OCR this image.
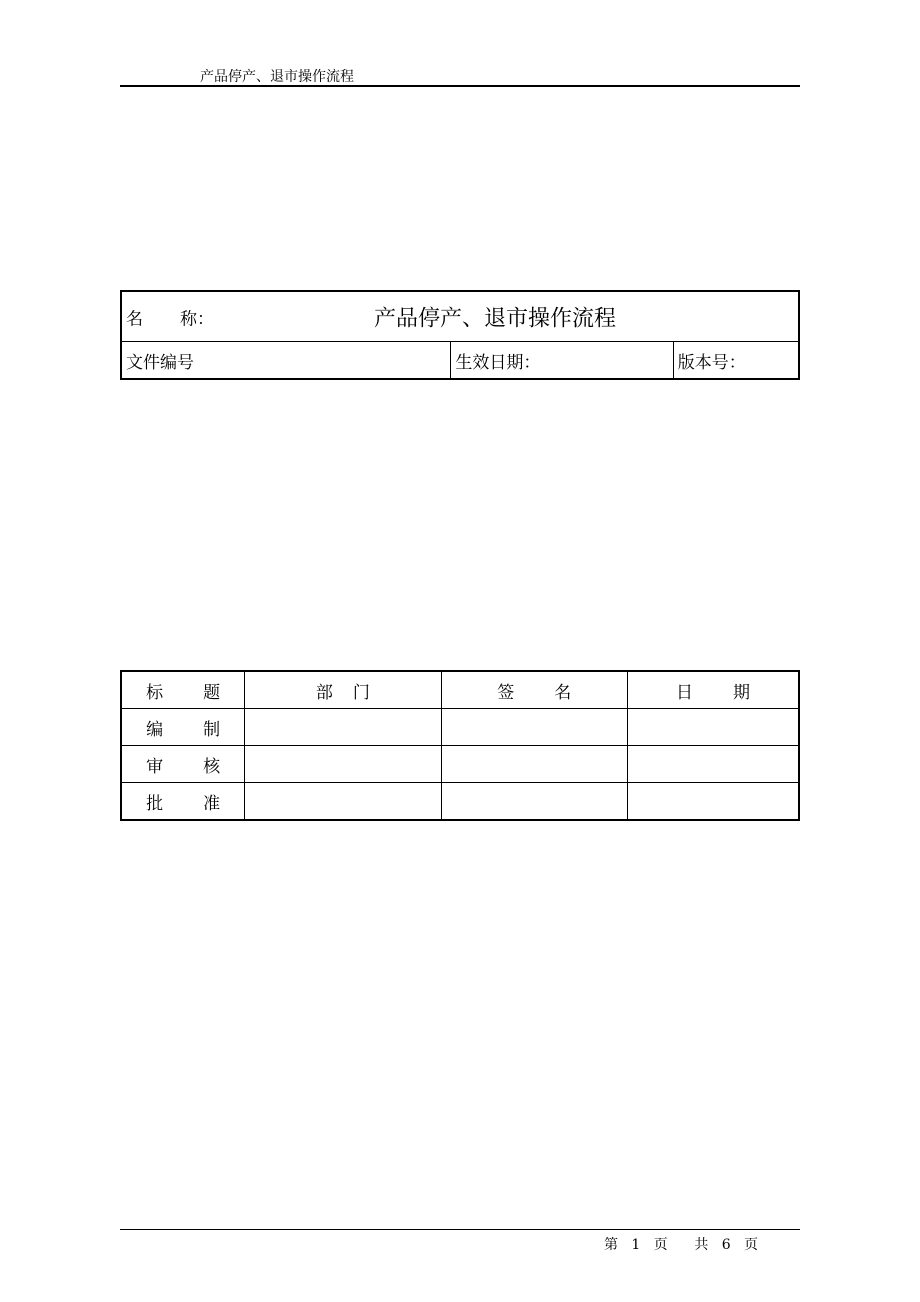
产品停产、退市操作流程
名 称：	产品停产、退市操作流程

文件编号	生效日期：	版本号：
标 题	部 门	签 名	日 期

编 制			

审 核			

批 准			

第 1 页 共 6 页
